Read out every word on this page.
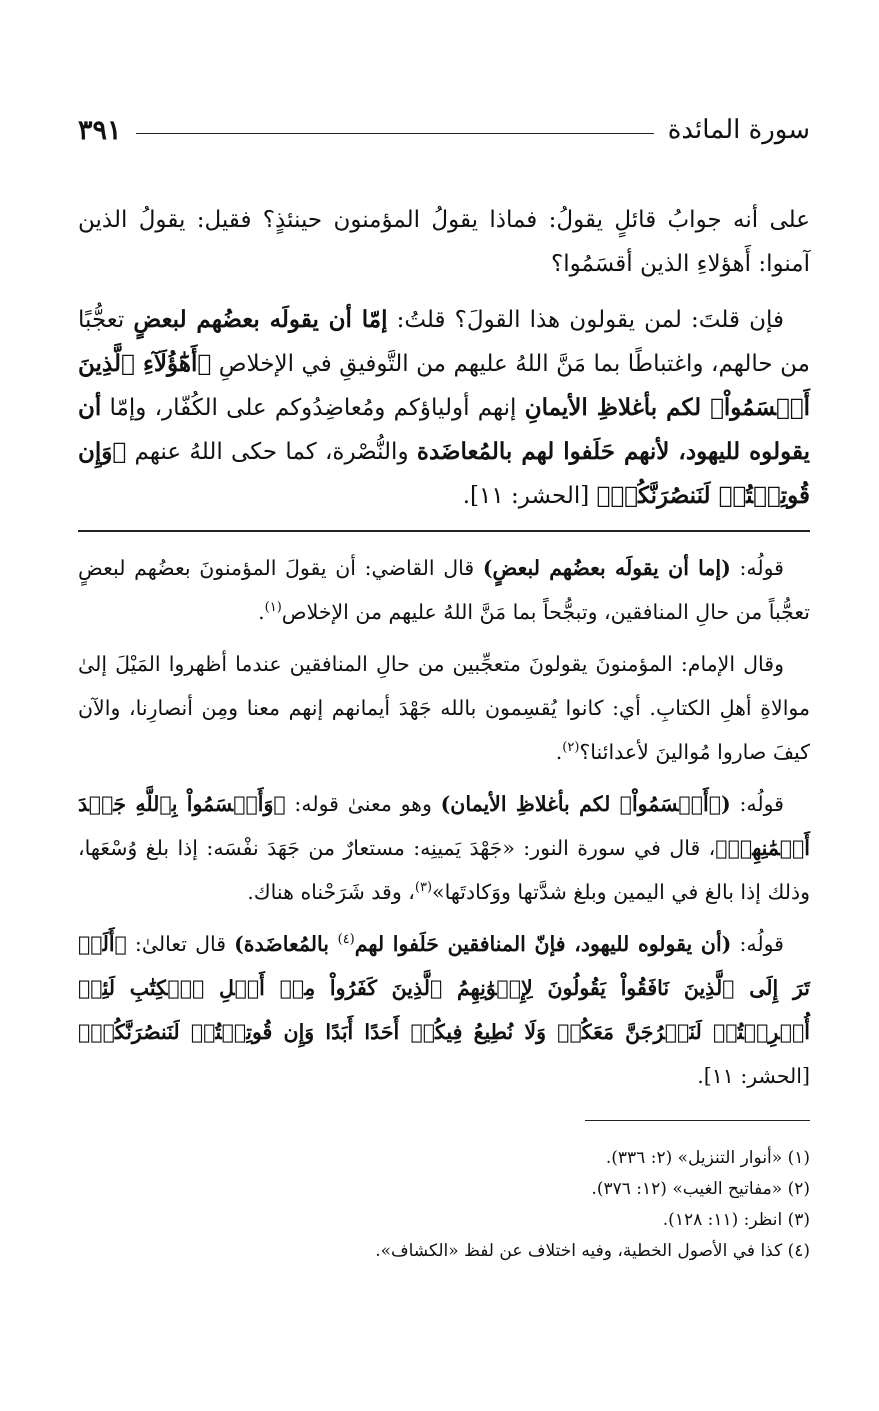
سورة المائدة
٣٩١

على أنه جوابُ قائلٍ يقولُ: فماذا يقولُ المؤمنون حينئذٍ؟ فقيل: يقولُ الذين آمنوا: أَهؤلاءِ الذين أقسَمُوا؟

فإن قلتَ: لمن يقولون هذا القولَ؟ قلتُ: إمّا أن يقولَه بعضُهم لبعضٍ تعجُّبًا من حالهم، واغتباطًا بما مَنَّ اللهُ عليهم من التَّوفيقِ في الإخلاصِ ﴿أَهَٰٓؤُلَآءِ ٱلَّذِينَ أَقۡسَمُواْ﴾ لكم بأغلاظِ الأيمانِ إنهم أولياؤكم ومُعاضِدُوكم على الكُفّار، وإمّا أن يقولوه لليهود، لأنهم حَلَفوا لهم بالمُعاضَدة والنُّصْرة، كما حكى اللهُ عنهم ﴿وَإِن قُوتِلۡتُمۡ لَنَنصُرَنَّكُمۡ﴾ [الحشر: ١١].

قولُه: (إما أن يقولَه بعضُهم لبعضٍ) قال القاضي: أن يقولَ المؤمنونَ بعضُهم لبعضٍ تعجُّباً من حالِ المنافقين، وتبجُّحاً بما مَنَّ اللهُ عليهم من الإخلاص$^{(١)}$.

وقال الإمام: المؤمنونَ يقولونَ متعجِّبين من حالِ المنافقين عندما أظهروا المَيْلَ إلىٰ موالاةِ أهلِ الكتابِ. أي: كانوا يُقسِمون بالله جَهْدَ أيمانهم إنهم معنا ومِن أنصارِنا، والآن كيفَ صاروا مُوالينَ لأعدائنا؟$^{(٢)}$.

قولُه: (﴿أَقۡسَمُواْ﴾ لكم بأغلاظِ الأيمان) وهو معنىٰ قوله: ﴿وَأَقۡسَمُواْ بِٱللَّهِ جَهۡدَ أَيۡمَٰنِهِمۡ﴾، قال في سورة النور: «جَهْدَ يَمينِه: مستعارٌ من جَهَدَ نفْسَه: إذا بلغ وُسْعَها، وذلك إذا بالغ في اليمين وبلغ شدَّتها ووَكادتَها»$^{(٣)}$، وقد شَرَحْناه هناك.

قولُه: (أن يقولوه لليهود، فإنّ المنافقين حَلَفوا لهم$^{(٤)}$ بالمُعاضَدة) قال تعالىٰ: ﴿أَلَمۡ تَرَ إِلَى ٱلَّذِينَ نَافَقُواْ يَقُولُونَ لِإِخۡوَٰنِهِمُ ٱلَّذِينَ كَفَرُواْ مِنۡ أَهۡلِ ٱلۡكِتَٰبِ لَئِنۡ أُخۡرِجۡتُمۡ لَنَخۡرُجَنَّ مَعَكُمۡ وَلَا نُطِيعُ فِيكُمۡ أَحَدًا أَبَدًا وَإِن قُوتِلۡتُمۡ لَنَنصُرَنَّكُمۡ﴾ [الحشر: ١١].

(١) «أنوار التنزيل» (٢: ٣٣٦).
(٢) «مفاتيح الغيب» (١٢: ٣٧٦).
(٣) انظر: (١١: ١٢٨).
(٤) كذا في الأصول الخطية، وفيه اختلاف عن لفظ «الكشاف».
